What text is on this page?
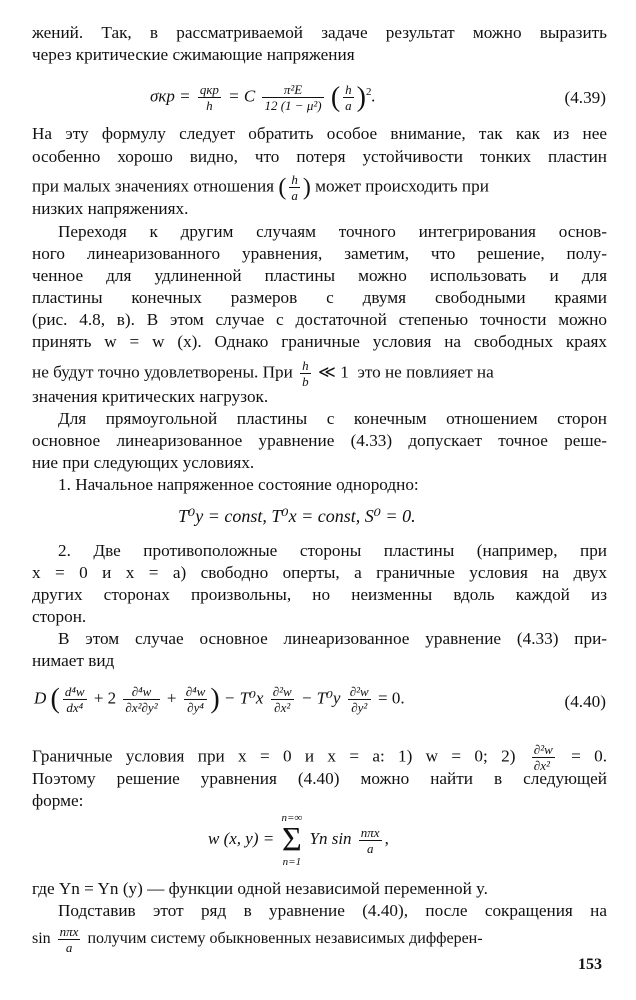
жений. Так, в рассматриваемой задаче результат можно выразить
через критические сжимающие напряжения
$\sigma кр = \frac{\text{qкр}}{h} = C \frac{\text{π²E}}{\text{12 (1 − μ²)}}$ ( $\frac{h}{a} )^2$.	(4.39)
На эту формулу следует обратить особое внимание, так как из нее
особенно хорошо видно, что потеря устойчивости тонких пластин
при малых значениях отношения ( $\frac{h}{a}$ ) может происходить при
низких напряжениях.
Переходя к другим случаям точного интегрирования основ-
ного линеаризованного уравнения, заметим, что решение, полу-
ченное для удлиненной пластины можно использовать и для
пластины конечных размеров с двумя свободными краями
(рис. 4.8, в). В этом случае с достаточной степенью точности можно
принять w = w (x). Однако граничные условия на свободных краях
не будут точно удовлетворены. При $\frac{h}{b}$ ≪ 1 это не повлияет на
значения критических нагрузок.
Для прямоугольной пластины с конечным отношением сторон
основное линеаризованное уравнение (4.33) допускает точное реше-
ние при следующих условиях.
1. Начальное напряженное состояние однородно:
T⁰y = const, T⁰x = const, S⁰ = 0.
2. Две противоположные стороны пластины (например, при
x = 0 и x = a) свободно оперты, а граничные условия на двух
других сторонах произвольны, но неизменны вдоль каждой из
сторон.
В этом случае основное линеаризованное уравнение (4.33) при-
нимает вид
D ( $\frac{\text{d⁴w}}{\text{dx⁴}} + 2 \frac{\text{∂⁴w}}{\text{∂x²∂y²}} + \frac{\text{∂⁴w}}{\text{∂y⁴}}$ ) − $T^0x \frac{\text{∂²w}}{\text{∂x²}} - T^0y \frac{\text{∂²w}}{\text{∂y²}} = 0$.	(4.40)
Граничные условия при x = 0 и x = a: 1) w = 0; $2) \frac{\text{∂²w}}{\text{∂x²}} = 0$.
Поэтому решение уравнения (4.40) можно найти в следующей
форме:
w (x, y) =
n=∞
Σ
n=1
Yn $\sin \frac{\text{nπx}}{a}$ ,
где Yn = Yn (y) — функции одной независимой переменной y.
Подставив этот ряд в уравнение (4.40), после сокращения на
$\sin \frac{\text{nπx}}{a}$ получим систему обыкновенных независимых дифферен-
153
